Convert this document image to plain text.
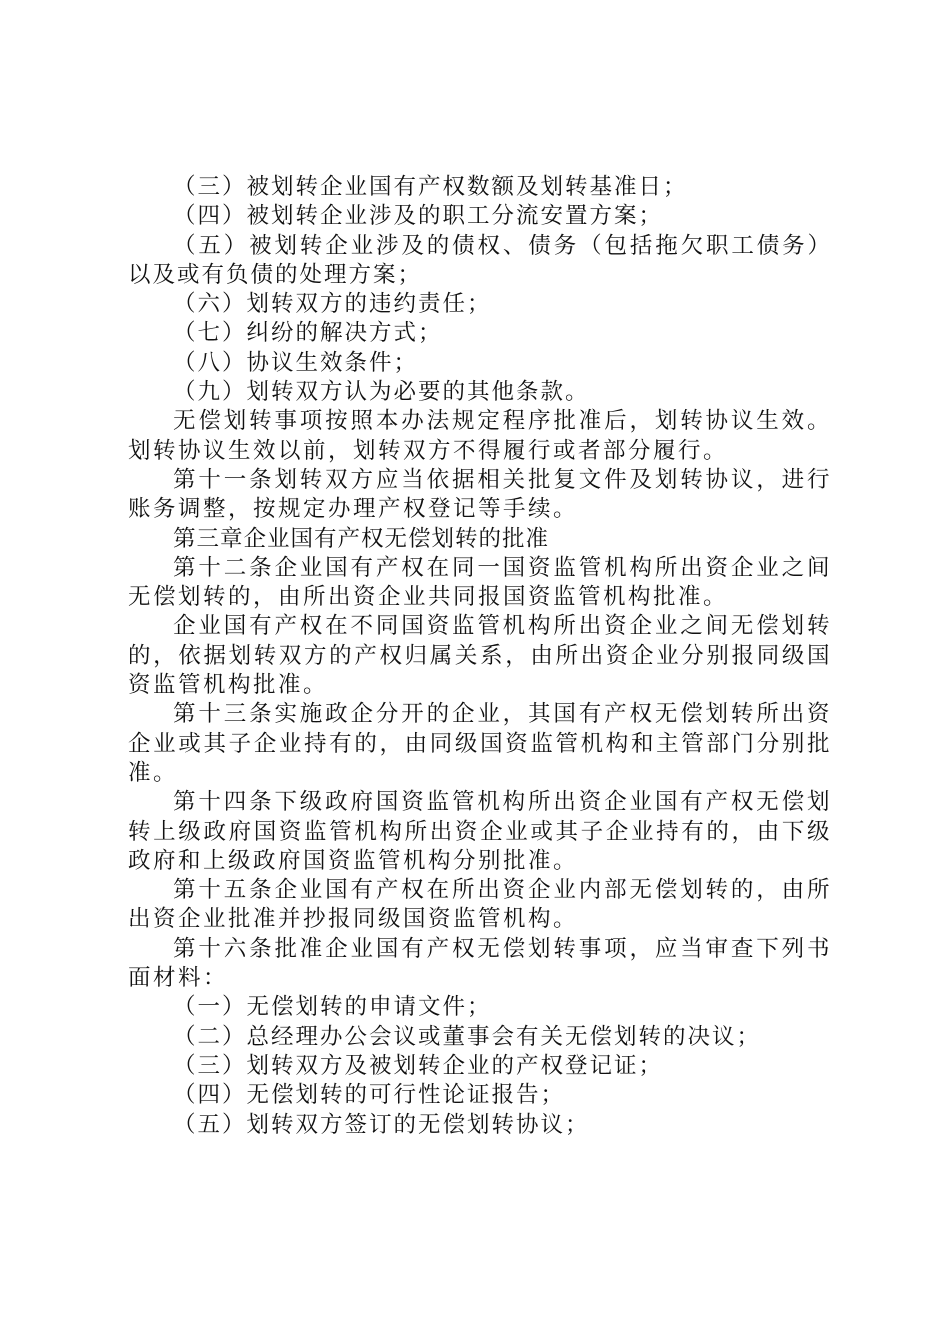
（三）被划转企业国有产权数额及划转基准日；

（四）被划转企业涉及的职工分流安置方案；

（五）被划转企业涉及的债权、债务（包括拖欠职工债务）以及或有负债的处理方案；

（六）划转双方的违约责任；

（七）纠纷的解决方式；

（八）协议生效条件；

（九）划转双方认为必要的其他条款。

无偿划转事项按照本办法规定程序批准后，划转协议生效。划转协议生效以前，划转双方不得履行或者部分履行。

第十一条划转双方应当依据相关批复文件及划转协议，进行账务调整，按规定办理产权登记等手续。

第三章企业国有产权无偿划转的批准

第十二条企业国有产权在同一国资监管机构所出资企业之间无偿划转的，由所出资企业共同报国资监管机构批准。

企业国有产权在不同国资监管机构所出资企业之间无偿划转的，依据划转双方的产权归属关系，由所出资企业分别报同级国资监管机构批准。

第十三条实施政企分开的企业，其国有产权无偿划转所出资企业或其子企业持有的，由同级国资监管机构和主管部门分别批准。

第十四条下级政府国资监管机构所出资企业国有产权无偿划转上级政府国资监管机构所出资企业或其子企业持有的，由下级政府和上级政府国资监管机构分别批准。

第十五条企业国有产权在所出资企业内部无偿划转的，由所出资企业批准并抄报同级国资监管机构。

第十六条批准企业国有产权无偿划转事项，应当审查下列书面材料：

（一）无偿划转的申请文件；

（二）总经理办公会议或董事会有关无偿划转的决议；

（三）划转双方及被划转企业的产权登记证；

（四）无偿划转的可行性论证报告；

（五）划转双方签订的无偿划转协议；
